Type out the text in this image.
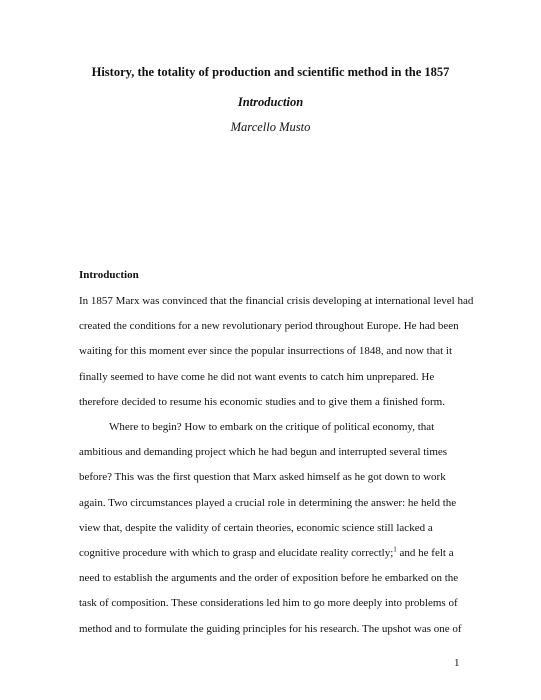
History, the totality of production and scientific method in the 1857
Introduction
Marcello Musto
Introduction
In 1857 Marx was convinced that the financial crisis developing at international level had
created the conditions for a new revolutionary period throughout Europe. He had been
waiting for this moment ever since the popular insurrections of 1848, and now that it
finally seemed to have come he did not want events to catch him unprepared. He
therefore decided to resume his economic studies and to give them a finished form.
Where to begin? How to embark on the critique of political economy, that
ambitious and demanding project which he had begun and interrupted several times
before? This was the first question that Marx asked himself as he got down to work
again. Two circumstances played a crucial role in determining the answer: he held the
view that, despite the validity of certain theories, economic science still lacked a
cognitive procedure with which to grasp and elucidate reality correctly;$^1$ and he felt a
need to establish the arguments and the order of exposition before he embarked on the
task of composition. These considerations led him to go more deeply into problems of
method and to formulate the guiding principles for his research. The upshot was one of
1
